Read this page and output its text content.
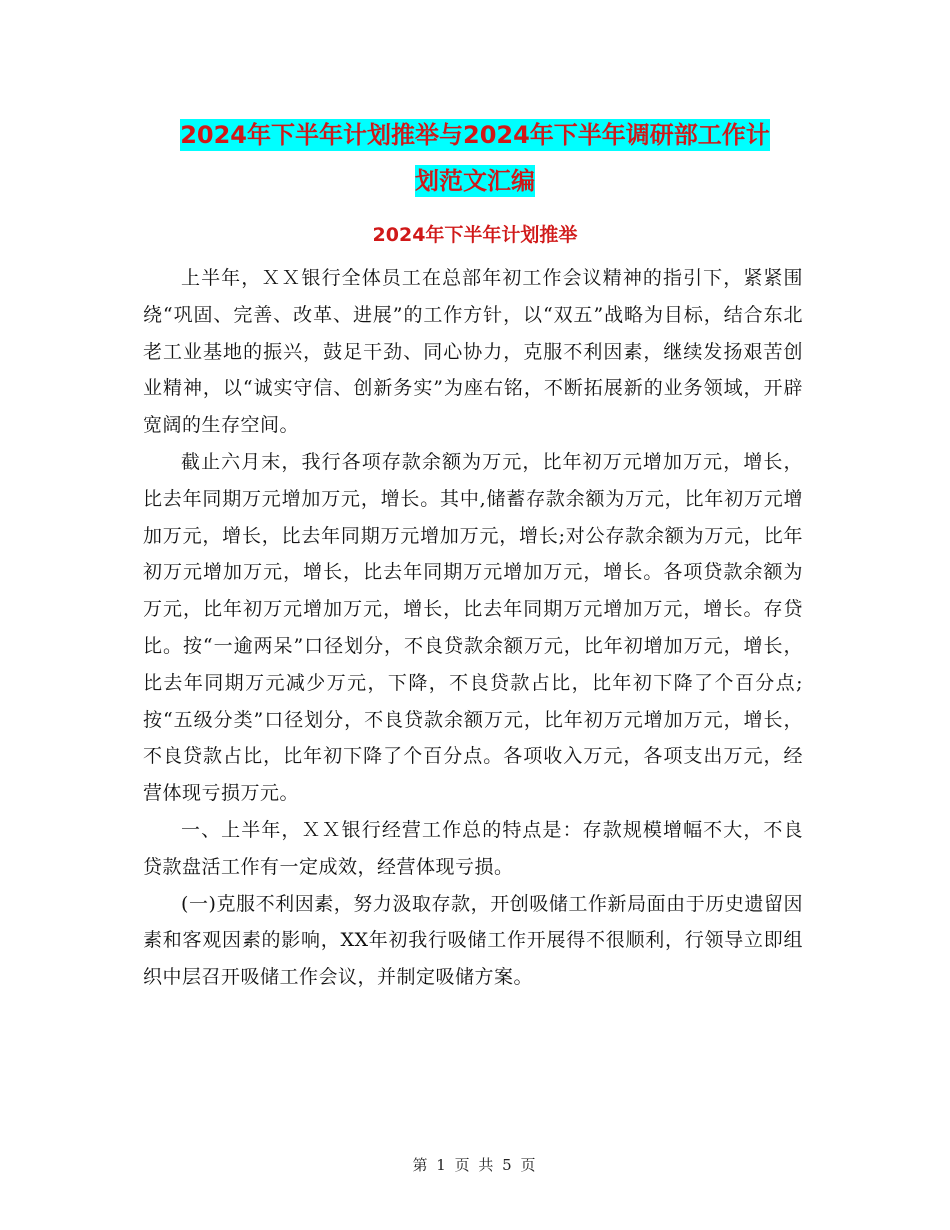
2024年下半年计划推举与2024年下半年调研部工作计
划范文汇编
2024年下半年计划推举

上半年，ＸＸ银行全体员工在总部年初工作会议精神的指引下，紧紧围绕“巩固、完善、改革、进展”的工作方针，以“双五”战略为目标，结合东北老工业基地的振兴，鼓足干劲、同心协力，克服不利因素，继续发扬艰苦创业精神，以“诚实守信、创新务实”为座右铭，不断拓展新的业务领域，开辟宽阔的生存空间。

截止六月末，我行各项存款余额为万元，比年初万元增加万元，增长，比去年同期万元增加万元，增长。其中,储蓄存款余额为万元，比年初万元增加万元，增长，比去年同期万元增加万元，增长;对公存款余额为万元，比年初万元增加万元，增长，比去年同期万元增加万元，增长。各项贷款余额为万元，比年初万元增加万元，增长，比去年同期万元增加万元，增长。存贷比。按“一逾两呆”口径划分，不良贷款余额万元，比年初增加万元，增长，比去年同期万元减少万元，下降，不良贷款占比，比年初下降了个百分点;按“五级分类”口径划分，不良贷款余额万元，比年初万元增加万元，增长，不良贷款占比，比年初下降了个百分点。各项收入万元，各项支出万元，经营体现亏损万元。

一、上半年，ＸＸ银行经营工作总的特点是：存款规模增幅不大，不良贷款盘活工作有一定成效，经营体现亏损。

(一)克服不利因素，努力汲取存款，开创吸储工作新局面由于历史遗留因素和客观因素的影响，XX年初我行吸储工作开展得不很顺利，行领导立即组织中层召开吸储工作会议，并制定吸储方案。

第 1 页 共 5 页
